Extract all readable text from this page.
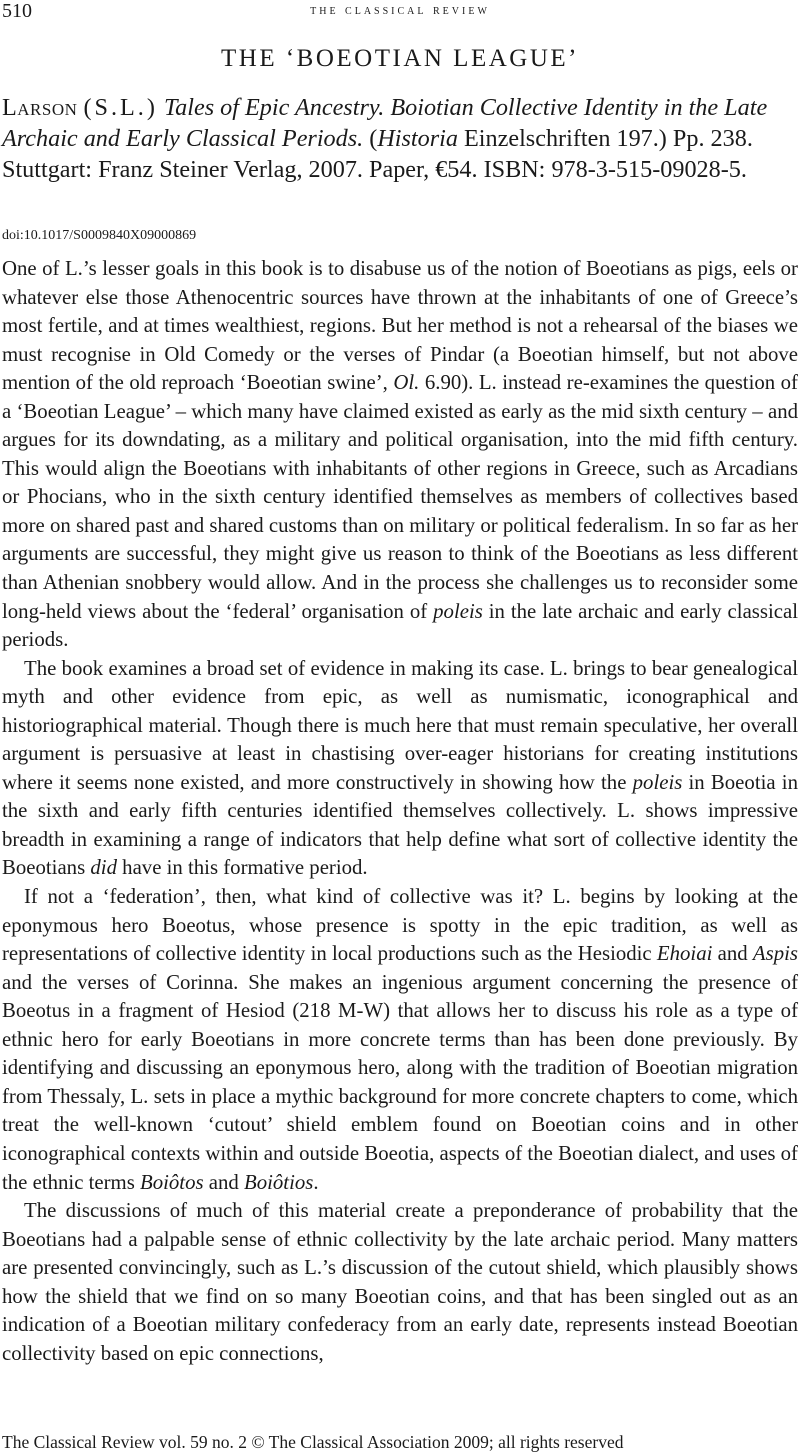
510	the classical review
THE ‘BOEOTIAN LEAGUE’
Larson (S.L.) Tales of Epic Ancestry. Boiotian Collective Identity in the Late Archaic and Early Classical Periods. (Historia Einzelschriften 197.) Pp. 238. Stuttgart: Franz Steiner Verlag, 2007. Paper, €54. ISBN: 978-3-515-09028-5.
doi:10.1017/S0009840X09000869

One of L.’s lesser goals in this book is to disabuse us of the notion of Boeotians as pigs, eels or whatever else those Athenocentric sources have thrown at the inhabitants of one of Greece’s most fertile, and at times wealthiest, regions. But her method is not a rehearsal of the biases we must recognise in Old Comedy or the verses of Pindar (a Boeotian himself, but not above mention of the old reproach ‘Boeotian swine’, Ol. 6.90). L. instead re-examines the question of a ‘Boeotian League’ – which many have claimed existed as early as the mid sixth century – and argues for its downdating, as a military and political organisation, into the mid fifth century. This would align the Boeotians with inhabitants of other regions in Greece, such as Arcadians or Phocians, who in the sixth century identified themselves as members of collectives based more on shared past and shared customs than on military or political federalism. In so far as her arguments are successful, they might give us reason to think of the Boeotians as less different than Athenian snobbery would allow. And in the process she challenges us to reconsider some long-held views about the ‘federal’ organisation of poleis in the late archaic and early classical periods.

The book examines a broad set of evidence in making its case. L. brings to bear genealogical myth and other evidence from epic, as well as numismatic, iconographical and historiographical material. Though there is much here that must remain speculative, her overall argument is persuasive at least in chastising over-eager historians for creating institutions where it seems none existed, and more constructively in showing how the poleis in Boeotia in the sixth and early fifth centuries identified themselves collectively. L. shows impressive breadth in examining a range of indicators that help define what sort of collective identity the Boeotians did have in this formative period.

If not a ‘federation’, then, what kind of collective was it? L. begins by looking at the eponymous hero Boeotus, whose presence is spotty in the epic tradition, as well as representations of collective identity in local productions such as the Hesiodic Ehoiai and Aspis and the verses of Corinna. She makes an ingenious argument concerning the presence of Boeotus in a fragment of Hesiod (218 M-W) that allows her to discuss his role as a type of ethnic hero for early Boeotians in more concrete terms than has been done previously. By identifying and discussing an eponymous hero, along with the tradition of Boeotian migration from Thessaly, L. sets in place a mythic background for more concrete chapters to come, which treat the well-known ‘cutout’ shield emblem found on Boeotian coins and in other iconographical contexts within and outside Boeotia, aspects of the Boeotian dialect, and uses of the ethnic terms Boiôtos and Boiôtios.

The discussions of much of this material create a preponderance of probability that the Boeotians had a palpable sense of ethnic collectivity by the late archaic period. Many matters are presented convincingly, such as L.’s discussion of the cutout shield, which plausibly shows how the shield that we find on so many Boeotian coins, and that has been singled out as an indication of a Boeotian military confederacy from an early date, represents instead Boeotian collectivity based on epic connections,

The Classical Review vol. 59 no. 2 © The Classical Association 2009; all rights reserved
